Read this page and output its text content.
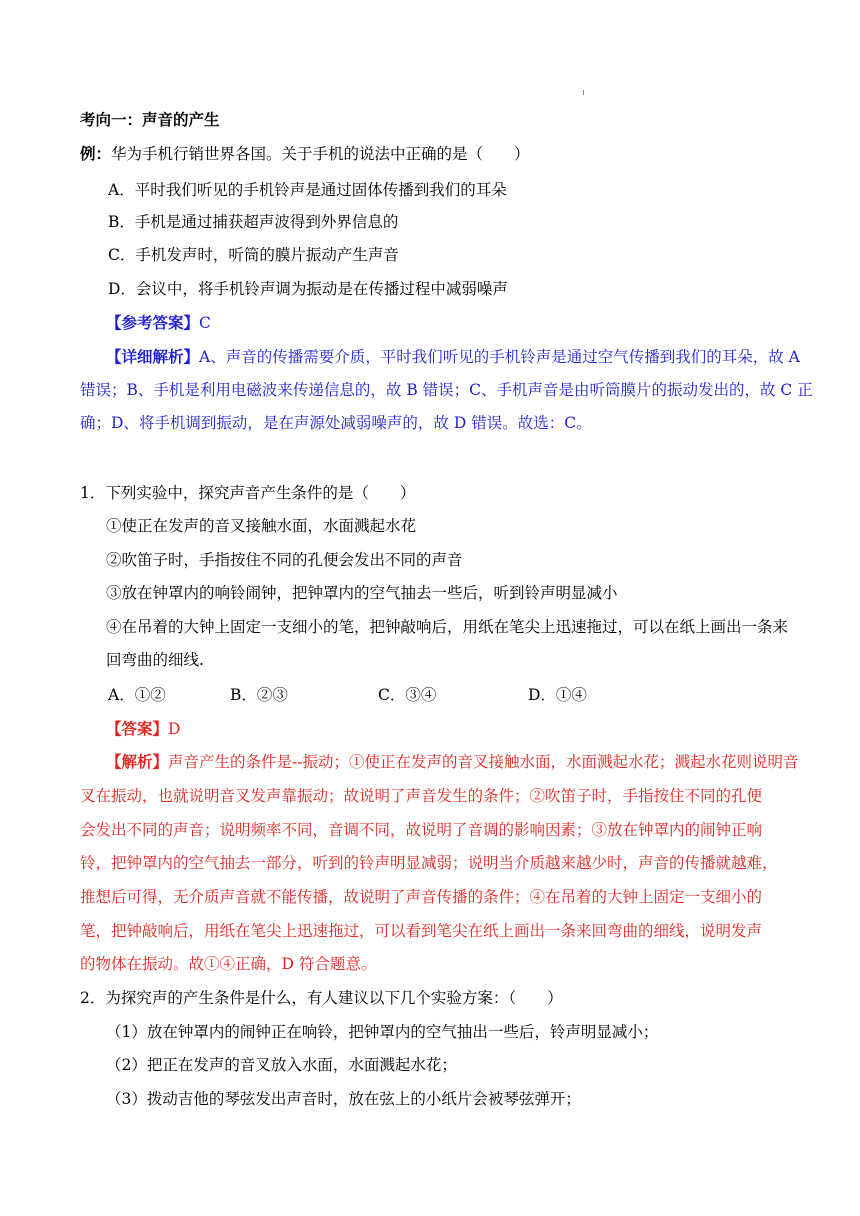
考向一：声音的产生
例：华为手机行销世界各国。关于手机的说法中正确的是（　　）
A．平时我们听见的手机铃声是通过固体传播到我们的耳朵
B．手机是通过捕获超声波得到外界信息的
C．手机发声时，听筒的膜片振动产生声音
D．会议中，将手机铃声调为振动是在传播过程中减弱噪声
【参考答案】C
【详细解析】A、声音的传播需要介质，平时我们听见的手机铃声是通过空气传播到我们的耳朵，故 A
错误；B、手机是利用电磁波来传递信息的，故 B 错误；C、手机声音是由听筒膜片的振动发出的，故 C 正
确；D、将手机调到振动，是在声源处减弱噪声的，故 D 错误。故选：C。
1．下列实验中，探究声音产生条件的是（　　）
①使正在发声的音叉接触水面，水面溅起水花
②吹笛子时，手指按住不同的孔便会发出不同的声音
③放在钟罩内的响铃闹钟，把钟罩内的空气抽去一些后，听到铃声明显减小
④在吊着的大钟上固定一支细小的笔，把钟敲响后，用纸在笔尖上迅速拖过，可以在纸上画出一条来
回弯曲的细线.
A．①②	B．②③	C．③④	D．①④
【答案】D
【解析】声音产生的条件是--振动；①使正在发声的音叉接触水面，水面溅起水花；溅起水花则说明音
叉在振动，也就说明音叉发声靠振动；故说明了声音发生的条件；②吹笛子时，手指按住不同的孔便
会发出不同的声音；说明频率不同，音调不同，故说明了音调的影响因素；③放在钟罩内的闹钟正响
铃，把钟罩内的空气抽去一部分，听到的铃声明显减弱；说明当介质越来越少时，声音的传播就越难，
推想后可得，无介质声音就不能传播，故说明了声音传播的条件；④在吊着的大钟上固定一支细小的
笔，把钟敲响后，用纸在笔尖上迅速拖过，可以看到笔尖在纸上画出一条来回弯曲的细线，说明发声
的物体在振动。故①④正确，D 符合题意。
2．为探究声的产生条件是什么，有人建议以下几个实验方案：（　　）
（1）放在钟罩内的闹钟正在响铃，把钟罩内的空气抽出一些后，铃声明显减小；
（2）把正在发声的音叉放入水面，水面溅起水花；
（3）拨动吉他的琴弦发出声音时，放在弦上的小纸片会被琴弦弹开；
